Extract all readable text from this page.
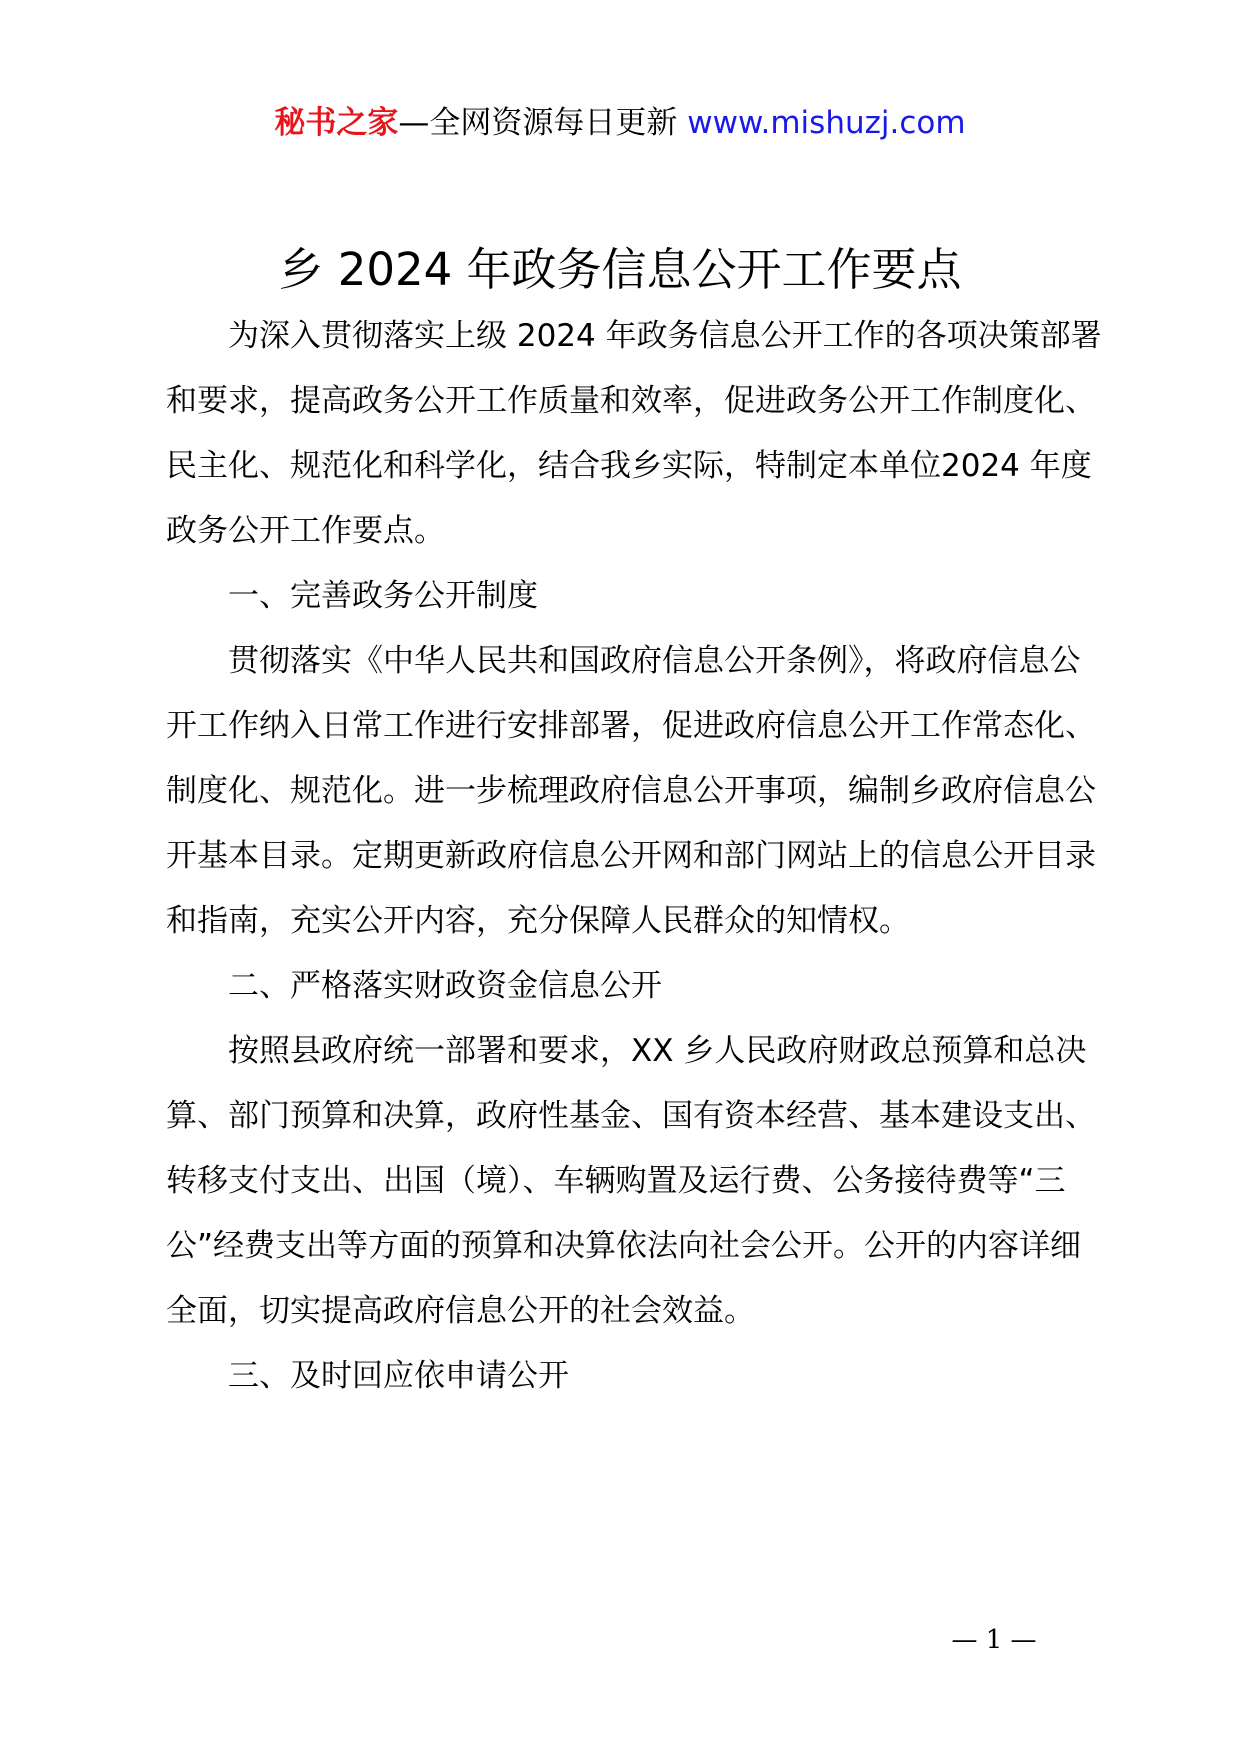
秘书之家—全网资源每日更新 www.mishuzj.com
乡 2024 年政务信息公开工作要点

为深入贯彻落实上级 2024 年政务信息公开工作的各项决策部署和要求，提高政务公开工作质量和效率，促进政务公开工作制度化、民主化、规范化和科学化，结合我乡实际，特制定本单位2024 年度政务公开工作要点。

一、完善政务公开制度

贯彻落实《中华人民共和国政府信息公开条例》，将政府信息公开工作纳入日常工作进行安排部署，促进政府信息公开工作常态化、制度化、规范化。进一步梳理政府信息公开事项，编制乡政府信息公开基本目录。定期更新政府信息公开网和部门网站上的信息公开目录和指南，充实公开内容，充分保障人民群众的知情权。

二、严格落实财政资金信息公开

按照县政府统一部署和要求，XX 乡人民政府财政总预算和总决算、部门预算和决算，政府性基金、国有资本经营、基本建设支出、转移支付支出、出国（境）、车辆购置及运行费、公务接待费等“三公”经费支出等方面的预算和决算依法向社会公开。公开的内容详细全面，切实提高政府信息公开的社会效益。

三、及时回应依申请公开

— 1 —
